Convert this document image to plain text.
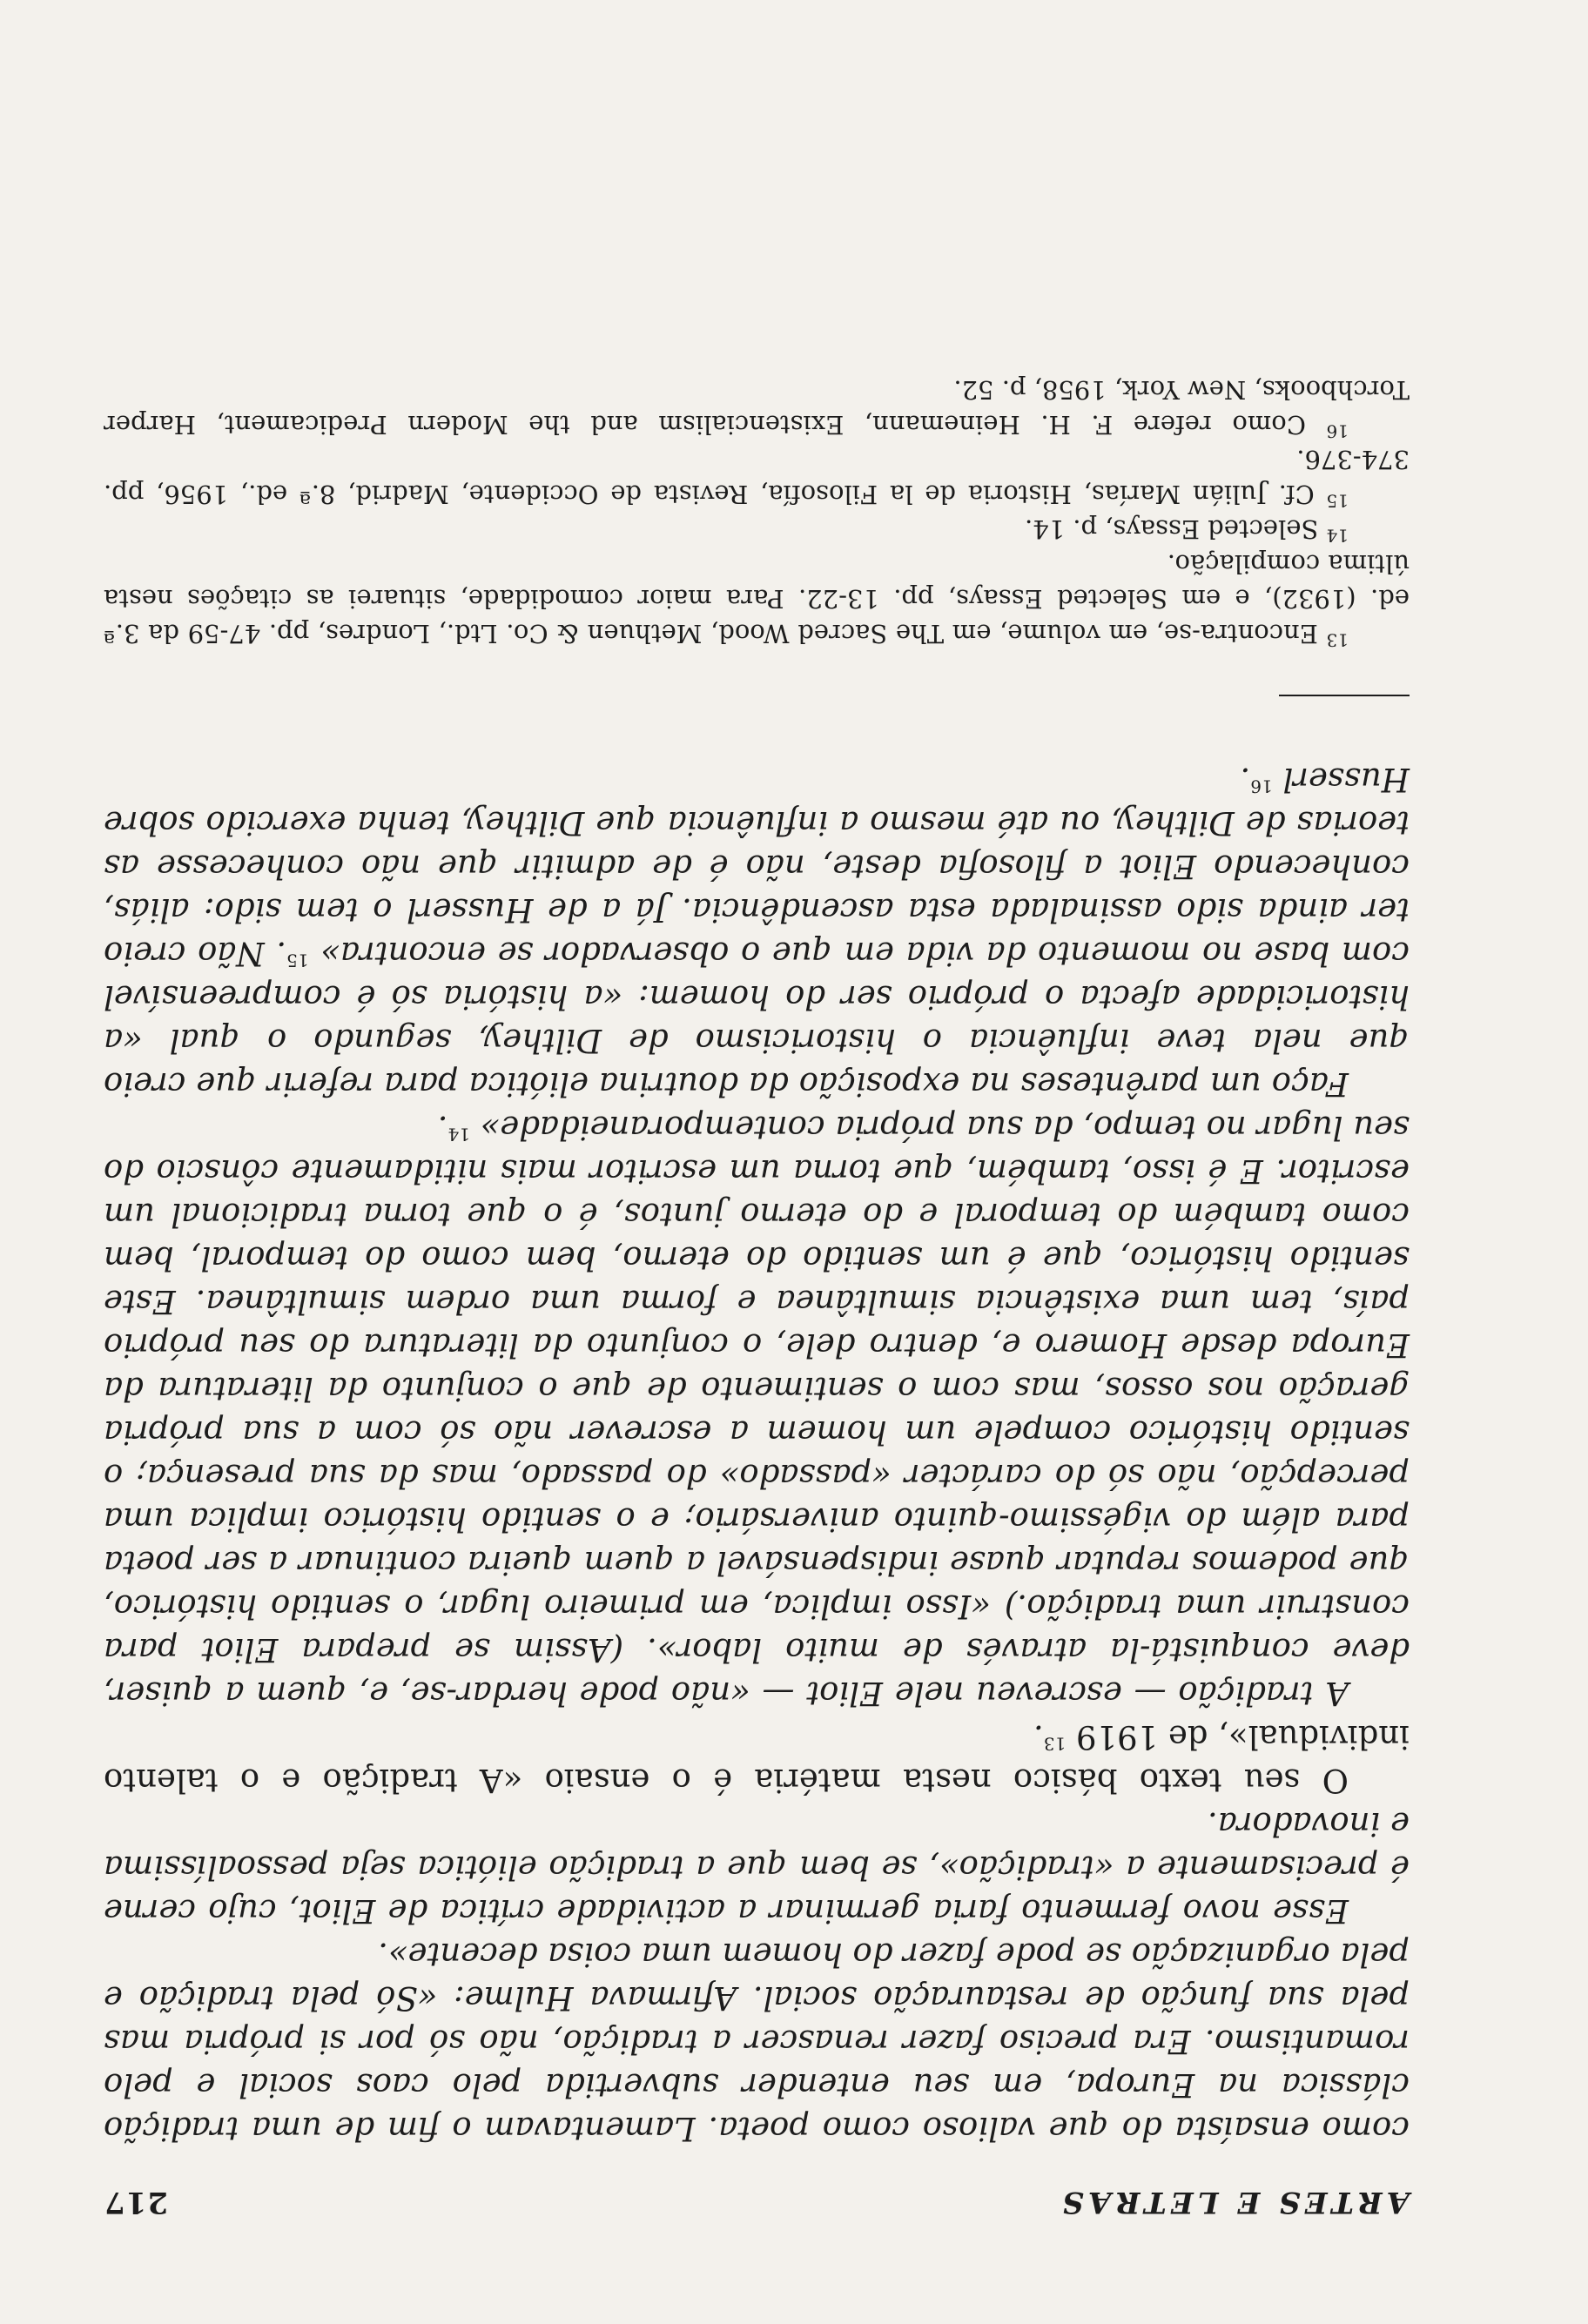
ARTES E LETRAS
217

como ensaísta do que valioso como poeta. Lamentavam o fim de uma tradição clássica na Europa, em seu entender subvertida pelo caos social e pelo romantismo. Era preciso fazer renascer a tradição, não só por si própria mas pela sua função de restauração social. Afirmava Hulme: «Só pela tradição e pela organização se pode fazer do homem uma coisa decente».

Esse novo fermento faria germinar a actividade crítica de Eliot, cujo cerne é precisamente a «tradição», se bem que a tradição eliótica seja pessoalíssima e inovadora.

O seu texto básico nesta matéria é o ensaio «A tradição e o talento individual», de 1919 $^{13}$.

A tradição — escreveu nele Eliot — «não pode herdar-se, e, quem a quiser, deve conquistá-la através de muito labor». (Assim se prepara Eliot para construir uma tradição.) «Isso implica, em primeiro lugar, o sentido histórico, que podemos reputar quase indispensável a quem queira continuar a ser poeta para além do vigéssimo-quinto aniversário; e o sentido histórico implica uma percepção, não só do carácter «passado» do passado, mas da sua presença; o sentido histórico compele um homem a escrever não só com a sua própria geração nos ossos, mas com o sentimento de que o conjunto da literatura da Europa desde Homero e, dentro dele, o conjunto da literatura do seu próprio país, tem uma existência simultânea e forma uma ordem simultânea. Este sentido histórico, que é um sentido do eterno, bem como do temporal, bem como também do temporal e do eterno juntos, é o que torna tradicional um escritor. E é isso, também, que torna um escritor mais nitidamente cônscio do seu lugar no tempo, da sua própria contemporaneidade» $^{14}$.

Faço um parênteses na exposição da doutrina eliótica para referir que creio que nela teve influência o historicismo de Dilthey, segundo o qual «a historicidade afecta o próprio ser do homem: «a história só é compreensível com base no momento da vida em que o observador se encontra» $^{15}$. Não creio ter ainda sido assinalada esta ascendência. Já a de Husserl o tem sido: aliás, conhecendo Eliot a filosofia deste, não é de admitir que não conhecesse as teorias de Dilthey, ou até mesmo a influência que Dilthey, tenha exercido sobre Husserl $^{16}$.

$^{13}$ Encontra-se, em volume, em The Sacred Wood, Methuen & Co. Ltd., Londres, pp. 47-59 da 3.ª ed. (1932), e em Selected Essays, pp. 13-22. Para maior comodidade, situarei as citações nesta última compilação.

$^{14}$ Selected Essays, p. 14.

$^{15}$ Cf. Julián Marías, Historia de la Filosofía, Revista de Occidente, Madrid, 8.ª ed., 1956, pp. 374-376.

$^{16}$ Como refere F. H. Heinemann, Existencialism and the Modern Predicament, Harper Torchbooks, New York, 1958, p. 52.
